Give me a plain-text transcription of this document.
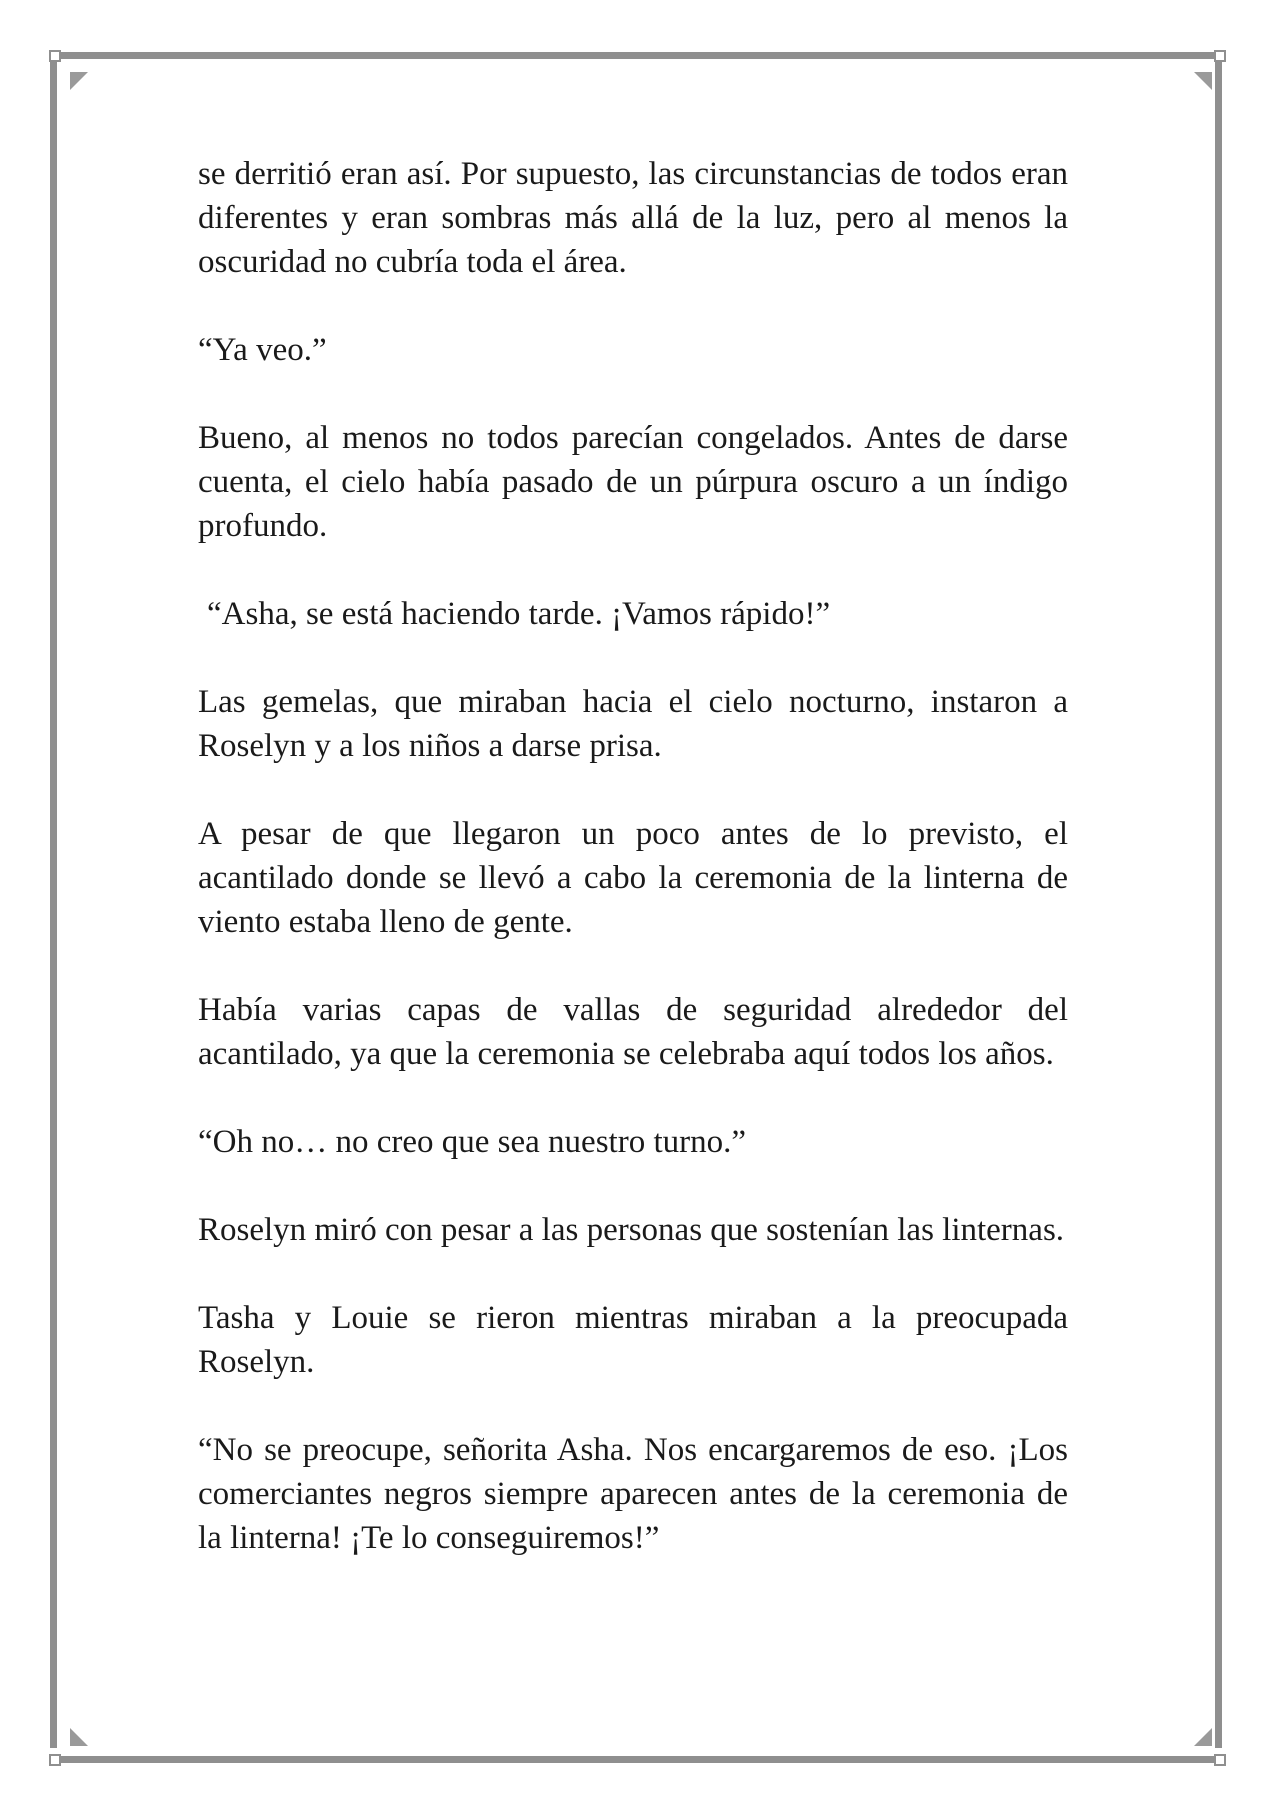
se derritió eran así. Por supuesto, las circunstancias de todos eran diferentes y eran sombras más allá de la luz, pero al menos la oscuridad no cubría toda el área.

“Ya veo.”

Bueno, al menos no todos parecían congelados. Antes de darse cuenta, el cielo había pasado de un púrpura oscuro a un índigo profundo.

“Asha, se está haciendo tarde. ¡Vamos rápido!”

Las gemelas, que miraban hacia el cielo nocturno, instaron a Roselyn y a los niños a darse prisa.

A pesar de que llegaron un poco antes de lo previsto, el acantilado donde se llevó a cabo la ceremonia de la linterna de viento estaba lleno de gente.

Había varias capas de vallas de seguridad alrededor del acantilado, ya que la ceremonia se celebraba aquí todos los años.

“Oh no… no creo que sea nuestro turno.”

Roselyn miró con pesar a las personas que sostenían las linternas.

Tasha y Louie se rieron mientras miraban a la preocupada Roselyn.

“No se preocupe, señorita Asha. Nos encargaremos de eso. ¡Los comerciantes negros siempre aparecen antes de la ceremonia de la linterna! ¡Te lo conseguiremos!”
